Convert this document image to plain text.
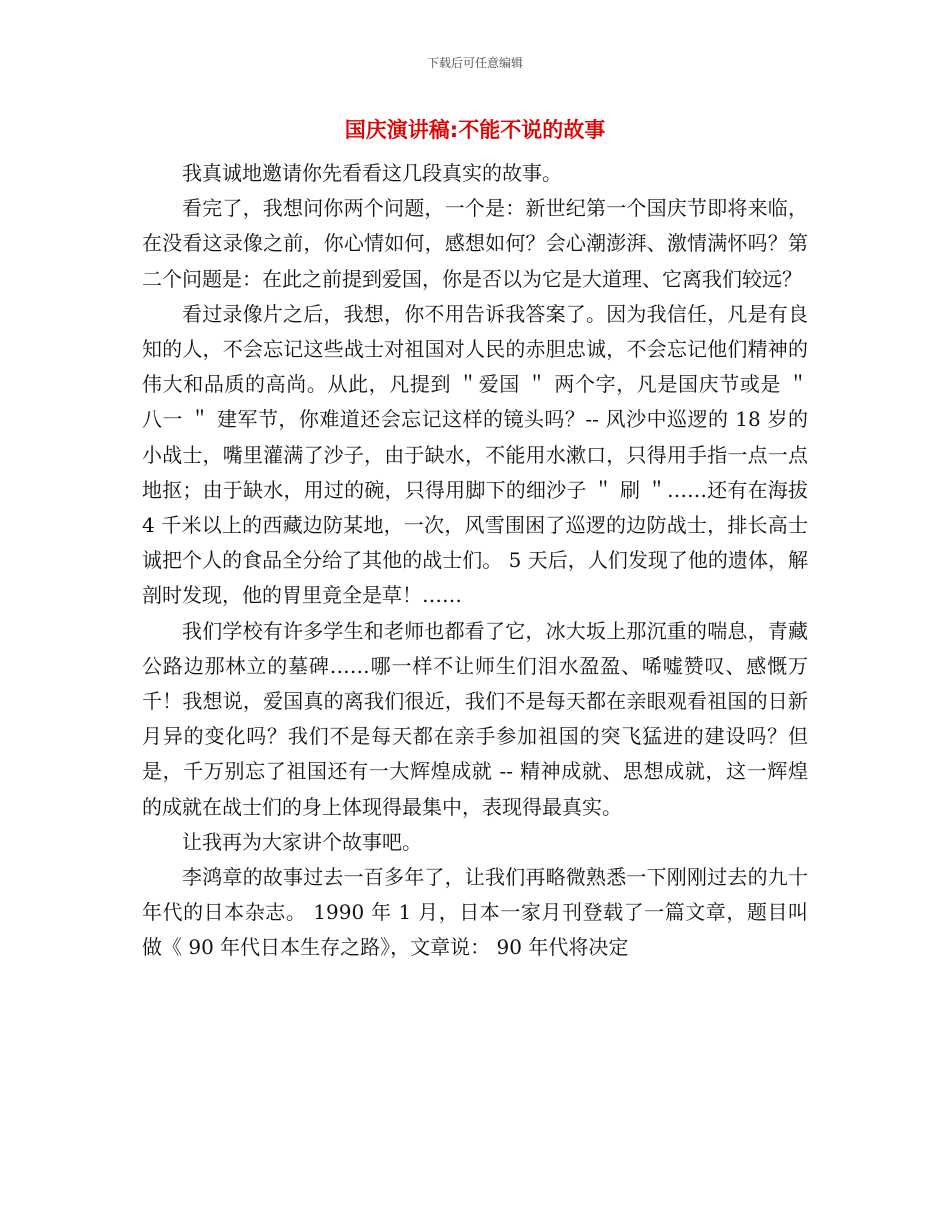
下载后可任意编辑
国庆演讲稿:不能不说的故事

我真诚地邀请你先看看这几段真实的故事。

看完了，我想问你两个问题，一个是：新世纪第一个国庆节即将来临，在没看这录像之前，你心情如何，感想如何？会心潮澎湃、激情满怀吗？第二个问题是：在此之前提到爱国，你是否以为它是大道理、它离我们较远？

看过录像片之后，我想，你不用告诉我答案了。因为我信任，凡是有良知的人，不会忘记这些战士对祖国对人民的赤胆忠诚，不会忘记他们精神的伟大和品质的高尚。从此，凡提到 ＂爱国 ＂ 两个字，凡是国庆节或是 ＂ 八一 ＂ 建军节，你难道还会忘记这样的镜头吗？-- 风沙中巡逻的 18 岁的小战士，嘴里灌满了沙子，由于缺水，不能用水漱口，只得用手指一点一点地抠；由于缺水，用过的碗，只得用脚下的细沙子 ＂ 刷 ＂……还有在海拔 4 千米以上的西藏边防某地，一次，风雪围困了巡逻的边防战士，排长高士诚把个人的食品全分给了其他的战士们。 5 天后，人们发现了他的遗体，解剖时发现，他的胃里竟全是草！……

我们学校有许多学生和老师也都看了它，冰大坂上那沉重的喘息，青藏公路边那林立的墓碑……哪一样不让师生们泪水盈盈、唏嘘赞叹、感慨万千！我想说，爱国真的离我们很近，我们不是每天都在亲眼观看祖国的日新月异的变化吗？我们不是每天都在亲手参加祖国的突飞猛进的建设吗？但是，千万别忘了祖国还有一大辉煌成就 -- 精神成就、思想成就，这一辉煌的成就在战士们的身上体现得最集中，表现得最真实。

让我再为大家讲个故事吧。

李鸿章的故事过去一百多年了，让我们再略微熟悉一下刚刚过去的九十年代的日本杂志。 1990 年 1 月，日本一家月刊登载了一篇文章，题目叫做《 90 年代日本生存之路》，文章说： 90 年代将决定
